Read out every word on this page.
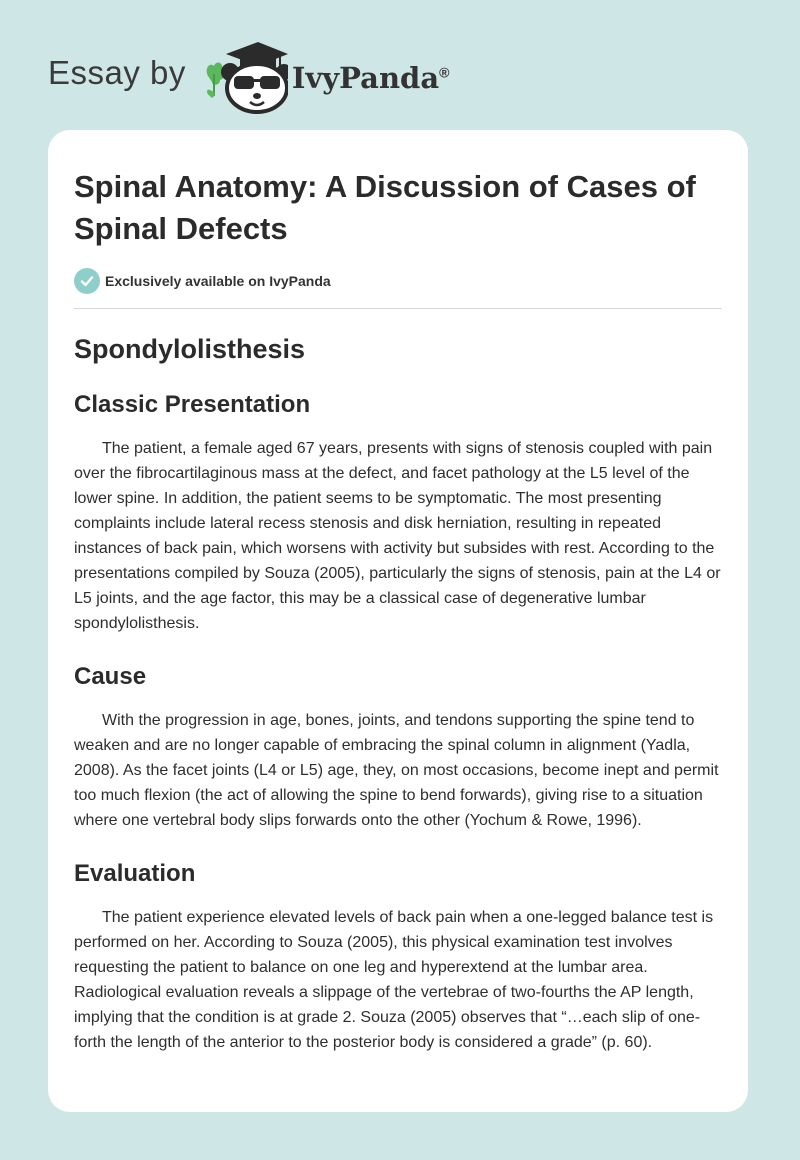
Essay by	IvyPanda®
Spinal Anatomy: A Discussion of Cases of Spinal Defects
Exclusively available on IvyPanda
Spondylolisthesis
Classic Presentation

The patient, a female aged 67 years, presents with signs of stenosis coupled with pain over the fibrocartilaginous mass at the defect, and facet pathology at the L5 level of the lower spine. In addition, the patient seems to be symptomatic. The most presenting complaints include lateral recess stenosis and disk herniation, resulting in repeated instances of back pain, which worsens with activity but subsides with rest. According to the presentations compiled by Souza (2005), particularly the signs of stenosis, pain at the L4 or L5 joints, and the age factor, this may be a classical case of degenerative lumbar spondylolisthesis.

Cause

With the progression in age, bones, joints, and tendons supporting the spine tend to weaken and are no longer capable of embracing the spinal column in alignment (Yadla, 2008). As the facet joints (L4 or L5) age, they, on most occasions, become inept and permit too much flexion (the act of allowing the spine to bend forwards), giving rise to a situation where one vertebral body slips forwards onto the other (Yochum & Rowe, 1996).

Evaluation

The patient experience elevated levels of back pain when a one-legged balance test is performed on her. According to Souza (2005), this physical examination test involves requesting the patient to balance on one leg and hyperextend at the lumbar area. Radiological evaluation reveals a slippage of the vertebrae of two-fourths the AP length, implying that the condition is at grade 2. Souza (2005) observes that “…each slip of one-forth the length of the anterior to the posterior body is considered a grade” (p. 60).
